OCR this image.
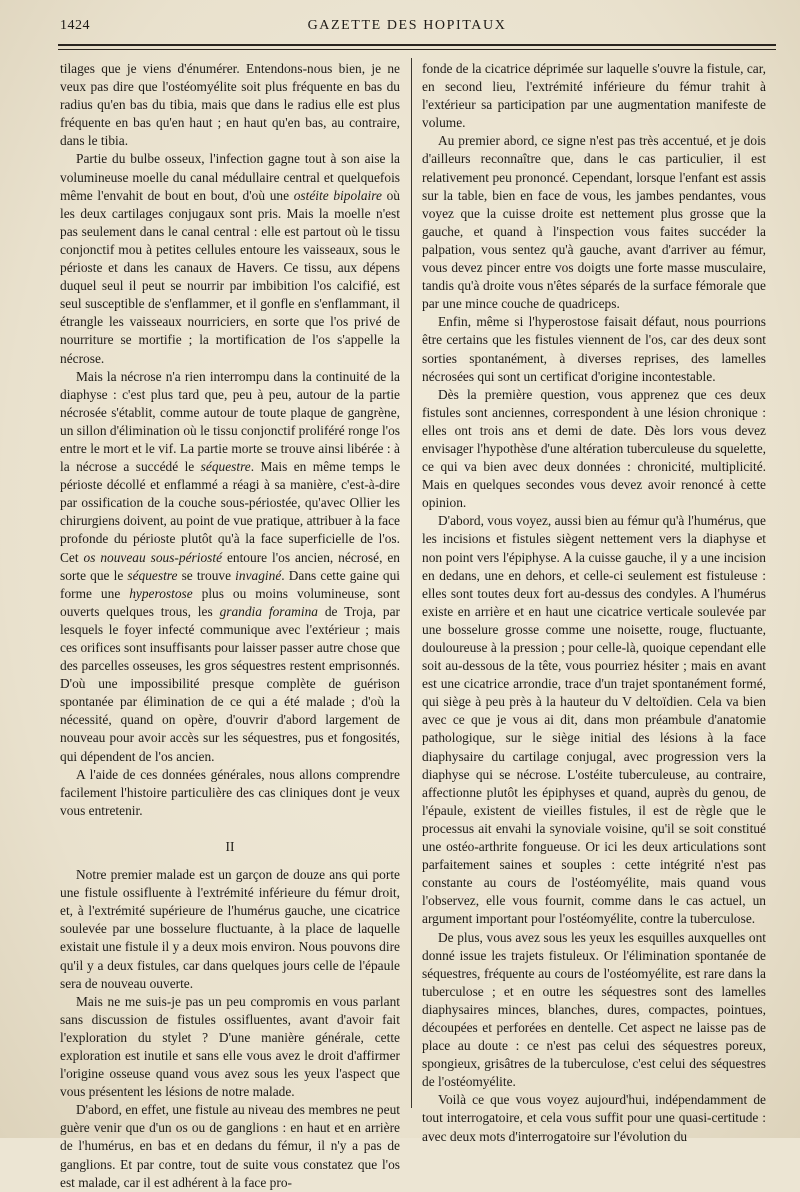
1424	GAZETTE DES HOPITAUX

tilages que je viens d'énumérer. Entendons-nous bien, je ne veux pas dire que l'ostéomyélite soit plus fréquente en bas du radius qu'en bas du tibia, mais que dans le radius elle est plus fréquente en bas qu'en haut ; en haut qu'en bas, au contraire, dans le tibia.

Partie du bulbe osseux, l'infection gagne tout à son aise la volumineuse moelle du canal médullaire central et quelquefois même l'envahit de bout en bout, d'où une ostéite bipolaire où les deux cartilages conjugaux sont pris. Mais la moelle n'est pas seulement dans le canal central : elle est partout où le tissu conjonctif mou à petites cellules entoure les vaisseaux, sous le périoste et dans les canaux de Havers. Ce tissu, aux dépens duquel seul il peut se nourrir par imbibition l'os calcifié, est seul susceptible de s'enflammer, et il gonfle en s'enflammant, il étrangle les vaisseaux nourriciers, en sorte que l'os privé de nourriture se mortifie ; la mortification de l'os s'appelle la nécrose.

Mais la nécrose n'a rien interrompu dans la continuité de la diaphyse : c'est plus tard que, peu à peu, autour de la partie nécrosée s'établit, comme autour de toute plaque de gangrène, un sillon d'élimination où le tissu conjonctif proliféré ronge l'os entre le mort et le vif. La partie morte se trouve ainsi libérée : à la nécrose a succédé le séquestre. Mais en même temps le périoste décollé et enflammé a réagi à sa manière, c'est-à-dire par ossification de la couche sous-périostée, qu'avec Ollier les chirurgiens doivent, au point de vue pratique, attribuer à la face profonde du périoste plutôt qu'à la face superficielle de l'os. Cet os nouveau sous-périosté entoure l'os ancien, nécrosé, en sorte que le séquestre se trouve invaginé. Dans cette gaine qui forme une hyperostose plus ou moins volumineuse, sont ouverts quelques trous, les grandia foramina de Troja, par lesquels le foyer infecté communique avec l'extérieur ; mais ces orifices sont insuffisants pour laisser passer autre chose que des parcelles osseuses, les gros séquestres restent emprisonnés. D'où une impossibilité presque complète de guérison spontanée par élimination de ce qui a été malade ; d'où la nécessité, quand on opère, d'ouvrir d'abord largement de nouveau pour avoir accès sur les séquestres, pus et fongosités, qui dépendent de l'os ancien.

A l'aide de ces données générales, nous allons comprendre facilement l'histoire particulière des cas cliniques dont je veux vous entretenir.

II

Notre premier malade est un garçon de douze ans qui porte une fistule ossifluente à l'extrémité inférieure du fémur droit, et, à l'extrémité supérieure de l'humérus gauche, une cicatrice soulevée par une bosselure fluctuante, à la place de laquelle existait une fistule il y a deux mois environ. Nous pouvons dire qu'il y a deux fistules, car dans quelques jours celle de l'épaule sera de nouveau ouverte.

Mais ne me suis-je pas un peu compromis en vous parlant sans discussion de fistules ossifluentes, avant d'avoir fait l'exploration du stylet ? D'une manière générale, cette exploration est inutile et sans elle vous avez le droit d'affirmer l'origine osseuse quand vous avez sous les yeux l'aspect que vous présentent les lésions de notre malade.

D'abord, en effet, une fistule au niveau des membres ne peut guère venir que d'un os ou de ganglions : en haut et en arrière de l'humérus, en bas et en dedans du fémur, il n'y a pas de ganglions. Et par contre, tout de suite vous constatez que l'os est malade, car il est adhérent à la face pro-

fonde de la cicatrice déprimée sur laquelle s'ouvre la fistule, car, en second lieu, l'extrémité inférieure du fémur trahit à l'extérieur sa participation par une augmentation manifeste de volume.

Au premier abord, ce signe n'est pas très accentué, et je dois d'ailleurs reconnaître que, dans le cas particulier, il est relativement peu prononcé. Cependant, lorsque l'enfant est assis sur la table, bien en face de vous, les jambes pendantes, vous voyez que la cuisse droite est nettement plus grosse que la gauche, et quand à l'inspection vous faites succéder la palpation, vous sentez qu'à gauche, avant d'arriver au fémur, vous devez pincer entre vos doigts une forte masse musculaire, tandis qu'à droite vous n'êtes séparés de la surface fémorale que par une mince couche de quadriceps.

Enfin, même si l'hyperostose faisait défaut, nous pourrions être certains que les fistules viennent de l'os, car des deux sont sorties spontanément, à diverses reprises, des lamelles nécrosées qui sont un certificat d'origine incontestable.

Dès la première question, vous apprenez que ces deux fistules sont anciennes, correspondent à une lésion chronique : elles ont trois ans et demi de date. Dès lors vous devez envisager l'hypothèse d'une altération tuberculeuse du squelette, ce qui va bien avec deux données : chronicité, multiplicité. Mais en quelques secondes vous devez avoir renoncé à cette opinion.

D'abord, vous voyez, aussi bien au fémur qu'à l'humérus, que les incisions et fistules siègent nettement vers la diaphyse et non point vers l'épiphyse. A la cuisse gauche, il y a une incision en dedans, une en dehors, et celle-ci seulement est fistuleuse : elles sont toutes deux fort au-dessus des condyles. A l'humérus existe en arrière et en haut une cicatrice verticale soulevée par une bosselure grosse comme une noisette, rouge, fluctuante, douloureuse à la pression ; pour celle-là, quoique cependant elle soit au-dessous de la tête, vous pourriez hésiter ; mais en avant est une cicatrice arrondie, trace d'un trajet spontanément formé, qui siège à peu près à la hauteur du V deltoïdien. Cela va bien avec ce que je vous ai dit, dans mon préambule d'anatomie pathologique, sur le siège initial des lésions à la face diaphysaire du cartilage conjugal, avec progression vers la diaphyse qui se nécrose. L'ostéite tuberculeuse, au contraire, affectionne plutôt les épiphyses et quand, auprès du genou, de l'épaule, existent de vieilles fistules, il est de règle que le processus ait envahi la synoviale voisine, qu'il se soit constitué une ostéo-arthrite fongueuse. Or ici les deux articulations sont parfaitement saines et souples : cette intégrité n'est pas constante au cours de l'ostéomyélite, mais quand vous l'observez, elle vous fournit, comme dans le cas actuel, un argument important pour l'ostéomyélite, contre la tuberculose.

De plus, vous avez sous les yeux les esquilles auxquelles ont donné issue les trajets fistuleux. Or l'élimination spontanée de séquestres, fréquente au cours de l'ostéomyélite, est rare dans la tuberculose ; et en outre les séquestres sont des lamelles diaphysaires minces, blanches, dures, compactes, pointues, découpées et perforées en dentelle. Cet aspect ne laisse pas de place au doute : ce n'est pas celui des séquestres poreux, spongieux, grisâtres de la tuberculose, c'est celui des séquestres de l'ostéomyélite.

Voilà ce que vous voyez aujourd'hui, indépendamment de tout interrogatoire, et cela vous suffit pour une quasi-certitude : avec deux mots d'interrogatoire sur l'évolution du
